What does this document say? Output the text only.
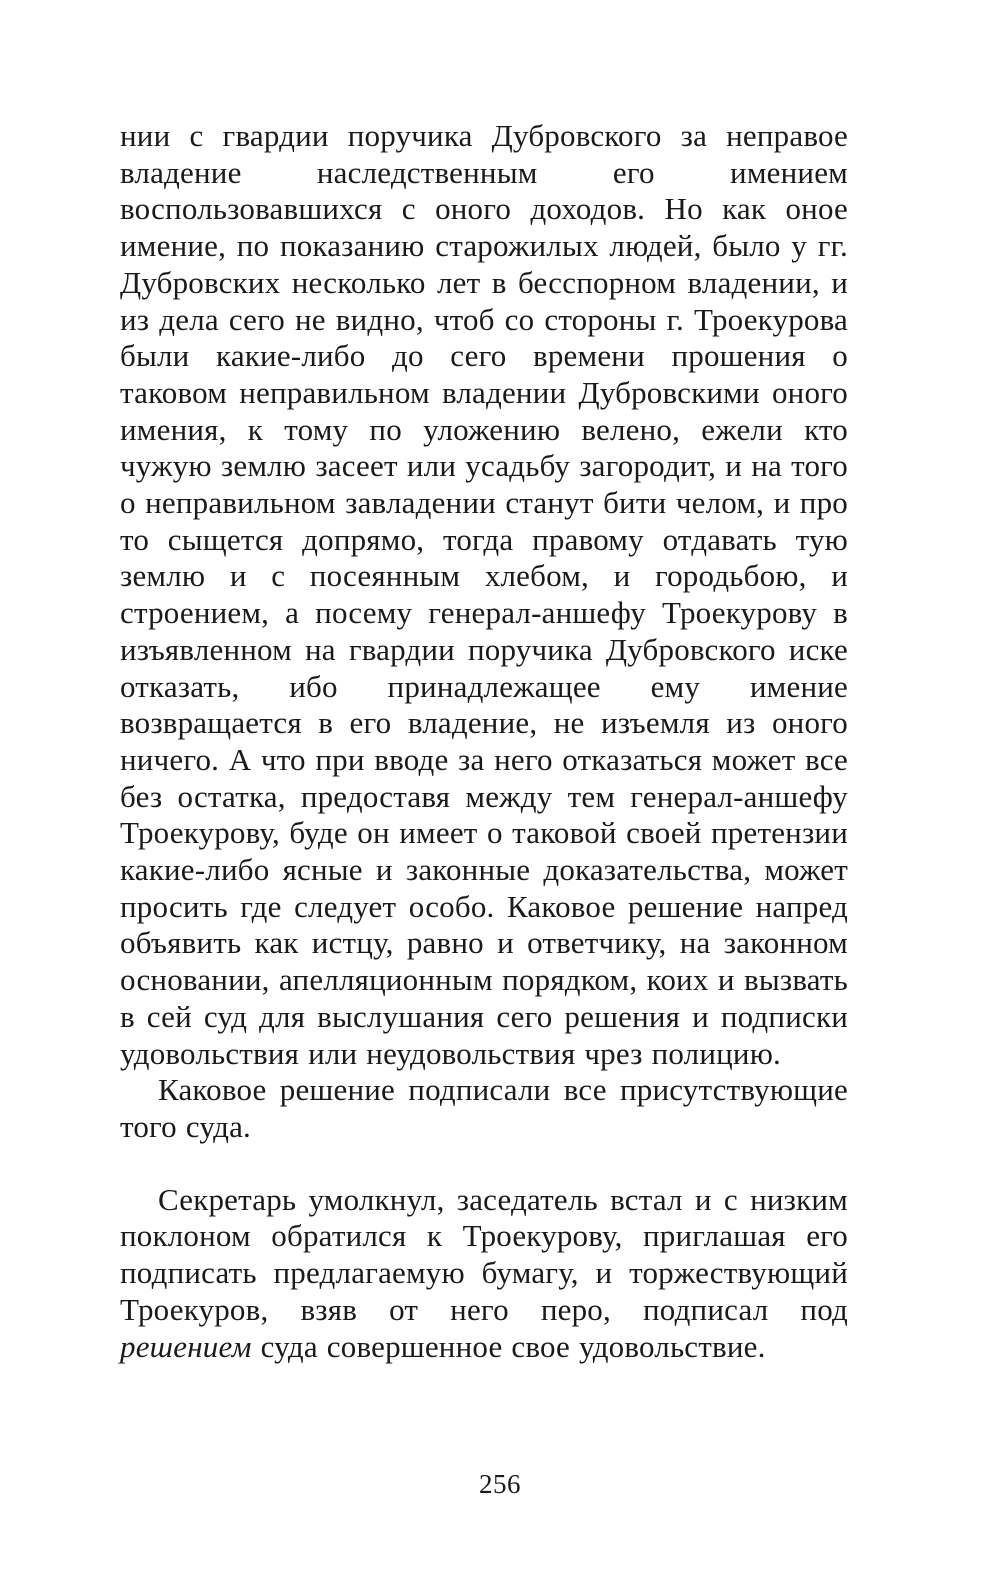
нии с гвардии поручика Дубровского за неправое владение наследственным его имением воспользовавшихся с оного доходов. Но как оное имение, по показанию старожилых людей, было у гг. Дубровских несколько лет в бесспорном владении, и из дела сего не видно, чтоб со стороны г. Троекурова были какие-либо до сего времени прошения о таковом неправильном владении Дубровскими оного имения, к тому по уложению велено, ежели кто чужую землю засеет или усадьбу загородит, и на того о неправильном завладении станут бити челом, и про то сыщется допрямо, тогда правому отдавать тую землю и с посеянным хлебом, и городьбою, и строением, а посему генерал-аншефу Троекурову в изъявленном на гвардии поручика Дубровского иске отказать, ибо принадлежащее ему имение возвращается в его владение, не изъемля из оного ничего. А что при вводе за него отказаться может все без остатка, предоставя между тем генерал-аншефу Троекурову, буде он имеет о таковой своей претензии какие-либо ясные и законные доказательства, может просить где следует особо. Каковое решение напред объявить как истцу, равно и ответчику, на законном основании, апелляционным порядком, коих и вызвать в сей суд для выслушания сего решения и подписки удовольствия или неудовольствия чрез полицию.

Каковое решение подписали все присутствующие того суда.

Секретарь умолкнул, заседатель встал и с низким поклоном обратился к Троекурову, приглашая его подписать предлагаемую бумагу, и торжествующий Троекуров, взяв от него перо, подписал под решением суда совершенное свое удовольствие.

256
